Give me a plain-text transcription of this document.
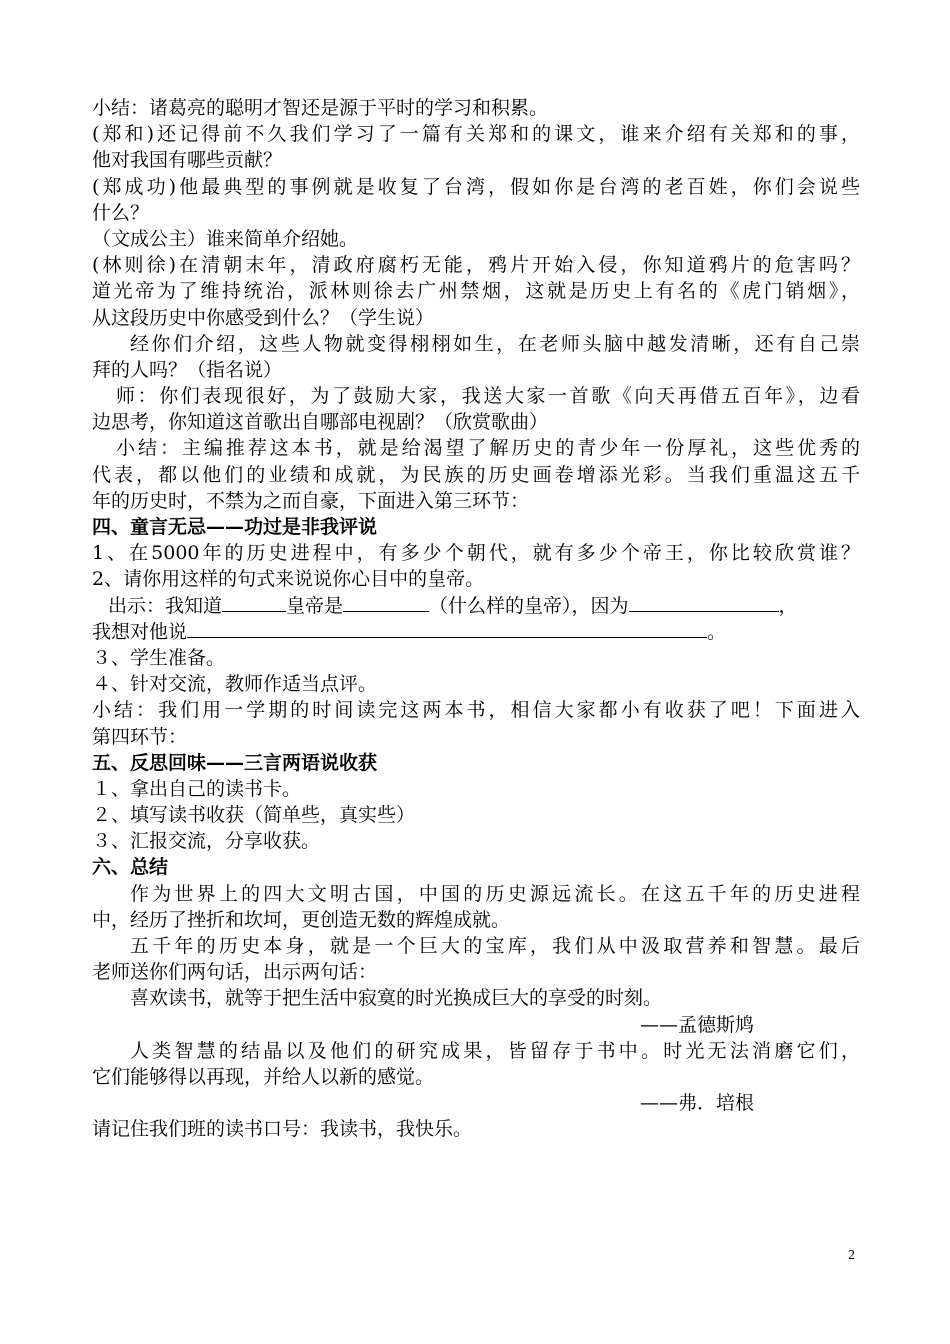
小结：诸葛亮的聪明才智还是源于平时的学习和积累。
(郑和)还记得前不久我们学习了一篇有关郑和的课文，谁来介绍有关郑和的事，
他对我国有哪些贡献？
(郑成功)他最典型的事例就是收复了台湾，假如你是台湾的老百姓，你们会说些
什么？
（文成公主）谁来简单介绍她。
(林则徐)在清朝末年，清政府腐朽无能，鸦片开始入侵，你知道鸦片的危害吗？
道光帝为了维持统治，派林则徐去广州禁烟，这就是历史上有名的《虎门销烟》，
从这段历史中你感受到什么？（学生说）
经你们介绍，这些人物就变得栩栩如生，在老师头脑中越发清晰，还有自己崇
拜的人吗？（指名说）
师：你们表现很好，为了鼓励大家，我送大家一首歌《向天再借五百年》，边看
边思考，你知道这首歌出自哪部电视剧？（欣赏歌曲）
小结：主编推荐这本书，就是给渴望了解历史的青少年一份厚礼，这些优秀的
代表，都以他们的业绩和成就，为民族的历史画卷增添光彩。当我们重温这五千
年的历史时，不禁为之而自豪，下面进入第三环节：
四、童言无忌——功过是非我评说
1、在5000年的历史进程中，有多少个朝代，就有多少个帝王，你比较欣赏谁？
2、请你用这样的句式来说说你心目中的皇帝。
出示：我知道	皇帝是	（什么样的皇帝），因为	，
我想对他说	。
３、学生准备。
４、针对交流，教师作适当点评。
小结：我们用一学期的时间读完这两本书，相信大家都小有收获了吧！下面进入
第四环节：
五、反思回味——三言两语说收获
１、拿出自己的读书卡。
２、填写读书收获（简单些，真实些）
３、汇报交流，分享收获。
六、总结
作为世界上的四大文明古国，中国的历史源远流长。在这五千年的历史进程
中，经历了挫折和坎坷，更创造无数的辉煌成就。
五千年的历史本身，就是一个巨大的宝库，我们从中汲取营养和智慧。最后
老师送你们两句话，出示两句话：
喜欢读书，就等于把生活中寂寞的时光换成巨大的享受的时刻。
——孟德斯鸠
人类智慧的结晶以及他们的研究成果，皆留存于书中。时光无法消磨它们，
它们能够得以再现，并给人以新的感觉。
——弗．培根
请记住我们班的读书口号：我读书，我快乐。
2
